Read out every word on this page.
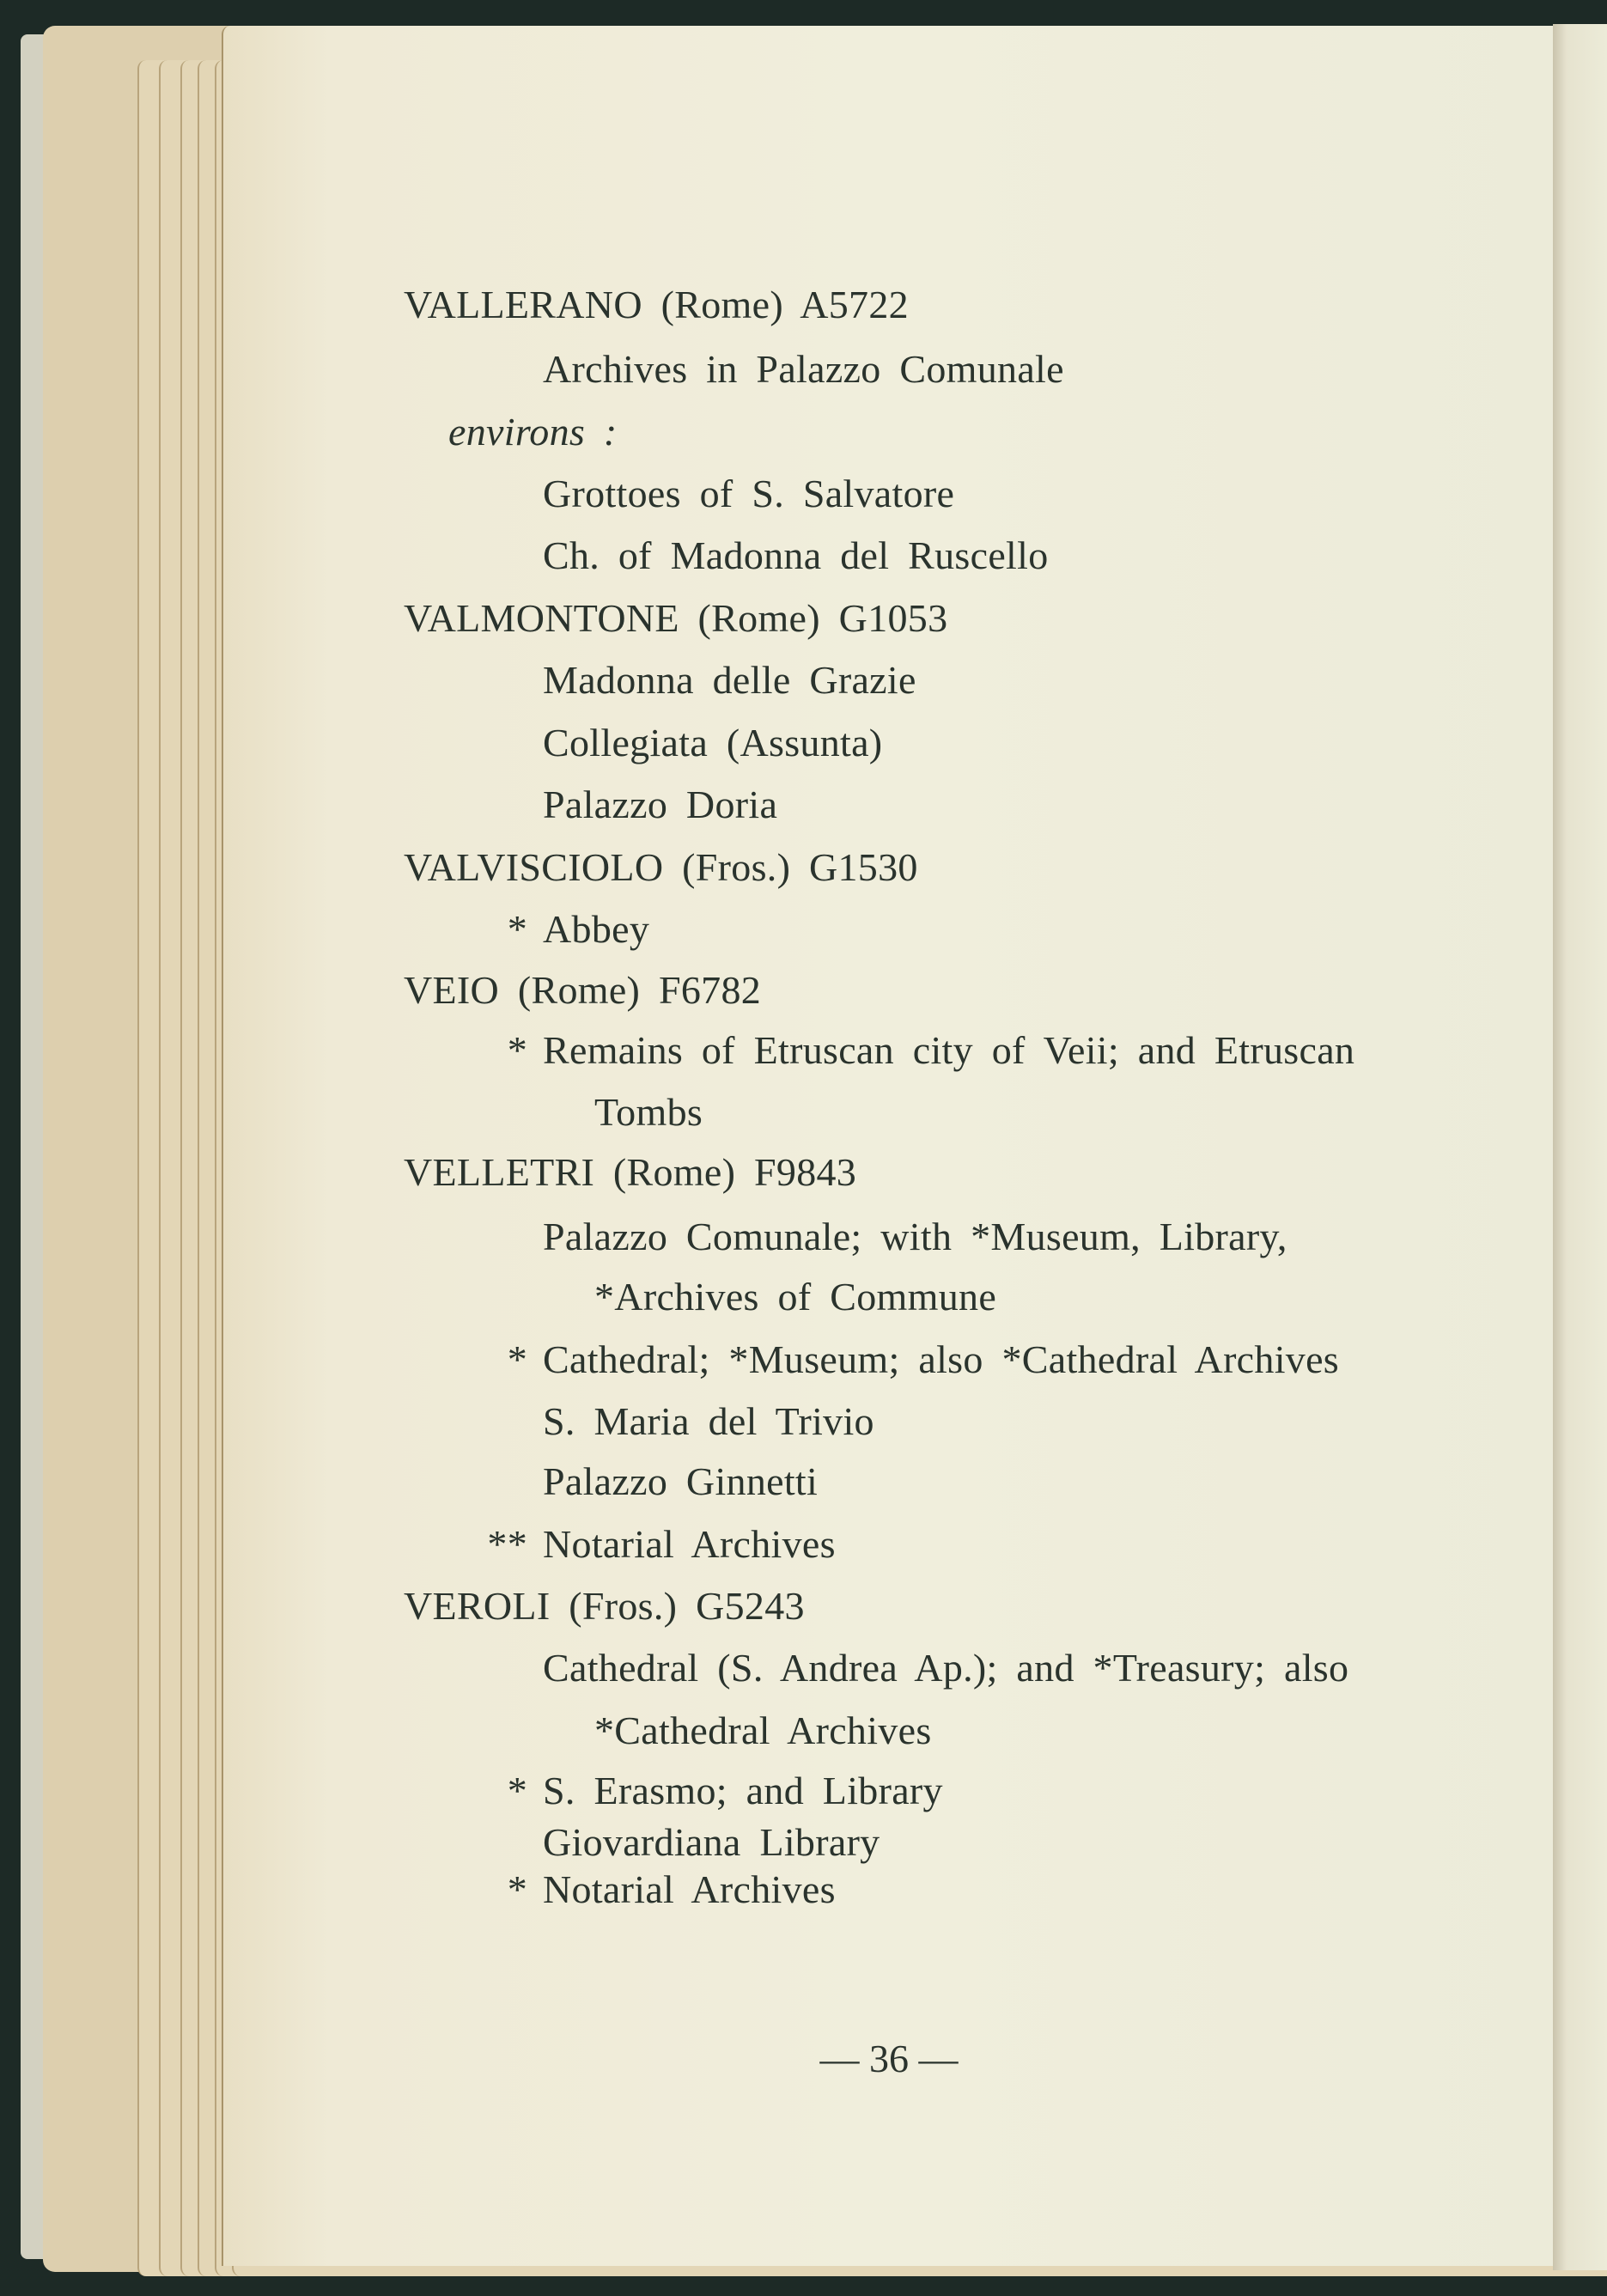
VALLERANO (Rome) A5722
Archives in Palazzo Comunale
environs :
Grottoes of S. Salvatore
Ch. of Madonna del Ruscello
VALMONTONE (Rome) G1053
Madonna delle Grazie
Collegiata (Assunta)
Palazzo Doria
VALVISCIOLO (Fros.) G1530
Abbey
*
VEIO (Rome) F6782
Remains of Etruscan city of Veii; and Etruscan
*
Tombs
VELLETRI (Rome) F9843
Palazzo Comunale; with *Museum, Library,
*Archives of Commune
Cathedral; *Museum; also *Cathedral Archives
*
S. Maria del Trivio
Palazzo Ginnetti
Notarial Archives
**
VEROLI (Fros.) G5243
Cathedral (S. Andrea Ap.); and *Treasury; also
*Cathedral Archives
S. Erasmo; and Library
*
Giovardiana Library
Notarial Archives
*
— 36 —
